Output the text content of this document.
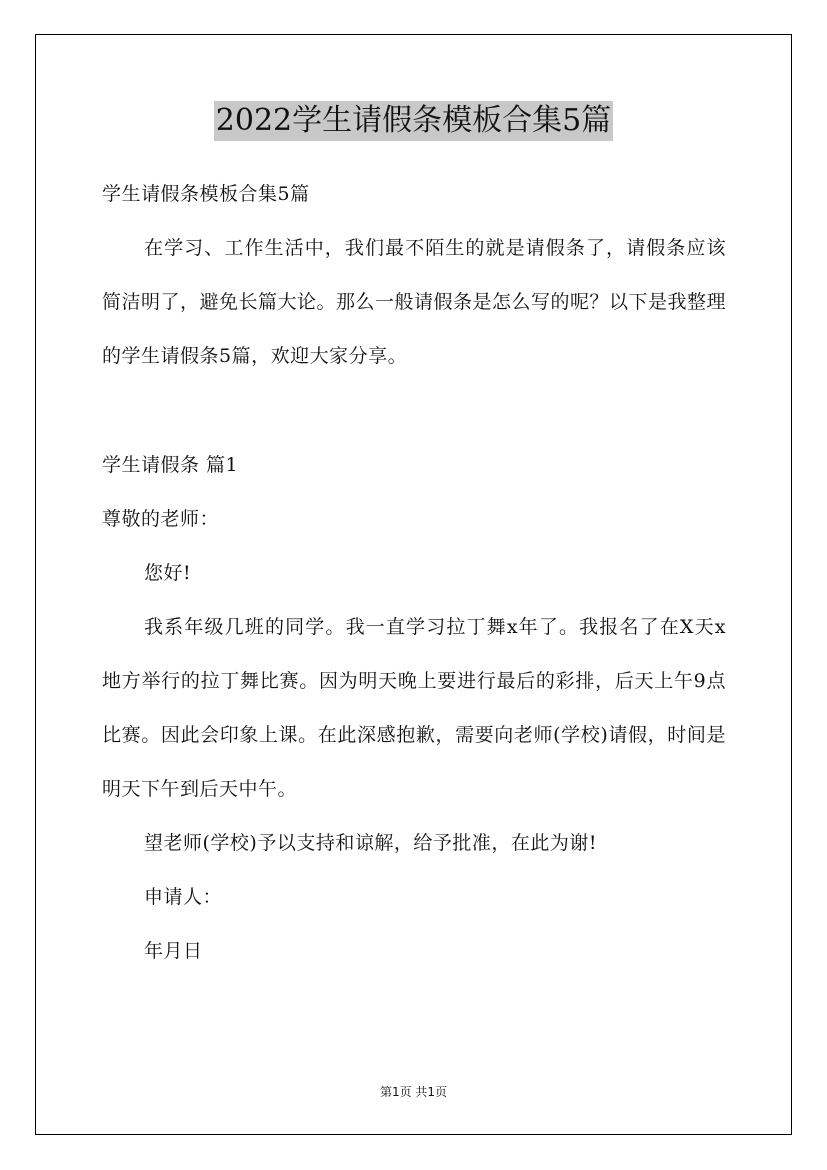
2022学生请假条模板合集5篇
学生请假条模板合集5篇
在学习、工作生活中，我们最不陌生的就是请假条了，请假条应该简洁明了，避免长篇大论。那么一般请假条是怎么写的呢？以下是我整理的学生请假条5篇，欢迎大家分享。
学生请假条 篇1
尊敬的老师：
您好!
我系年级几班的同学。我一直学习拉丁舞x年了。我报名了在X天x地方举行的拉丁舞比赛。因为明天晚上要进行最后的彩排，后天上午9点比赛。因此会印象上课。在此深感抱歉，需要向老师(学校)请假，时间是明天下午到后天中午。
望老师(学校)予以支持和谅解，给予批准，在此为谢!
申请人：
年月日
第1页 共1页
